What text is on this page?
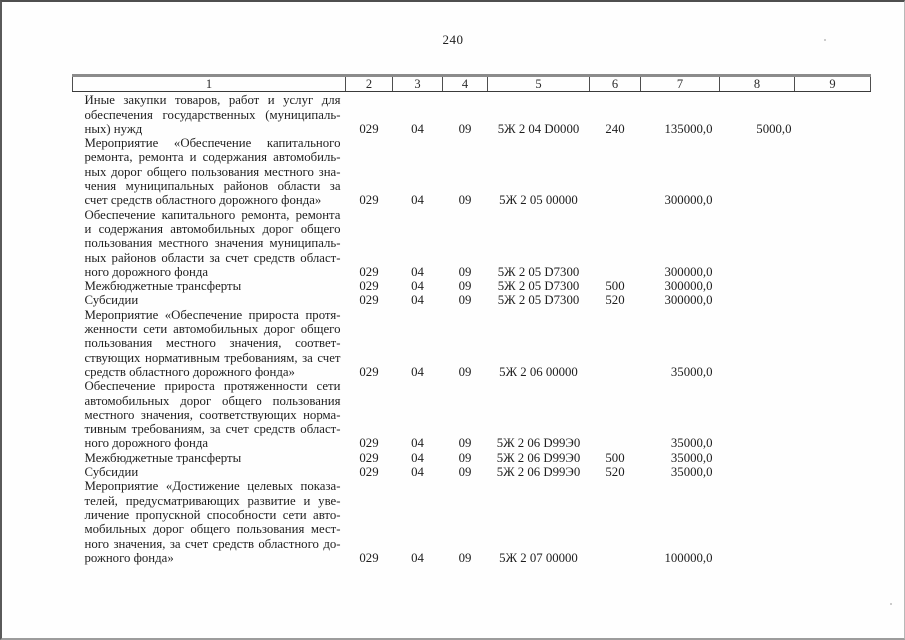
240
1	2	3	4	5	6	7	8	9

Иные закупки товаров, работ и услуг для
обеспечения государственных (муниципаль-
ных) нужд	029	04	09	5Ж 2 04 D0000	240	135000,0	5000,0	

Мероприятие «Обеспечение капитального
ремонта, ремонта и содержания автомобиль-
ных дорог общего пользования местного зна-
чения муниципальных районов области за
счет средств областного дорожного фонда»	029	04	09	5Ж 2 05 00000		300000,0		

Обеспечение капитального ремонта, ремонта
и содержания автомобильных дорог общего
пользования местного значения муниципаль-
ных районов области за счет средств област-
ного дорожного фонда	029	04	09	5Ж 2 05 D7300		300000,0		

Межбюджетные трансферты	029	04	09	5Ж 2 05 D7300	500	300000,0		

Субсидии	029	04	09	5Ж 2 05 D7300	520	300000,0		

Мероприятие «Обеспечение прироста протя-
женности сети автомобильных дорог общего
пользования местного значения, соответ-
ствующих нормативным требованиям, за счет
средств областного дорожного фонда»	029	04	09	5Ж 2 06 00000		35000,0		

Обеспечение прироста протяженности сети
автомобильных дорог общего пользования
местного значения, соответствующих норма-
тивным требованиям, за счет средств област-
ного дорожного фонда	029	04	09	5Ж 2 06 D99Э0		35000,0		

Межбюджетные трансферты	029	04	09	5Ж 2 06 D99Э0	500	35000,0		

Субсидии	029	04	09	5Ж 2 06 D99Э0	520	35000,0		

Мероприятие «Достижение целевых показа-
телей, предусматривающих развитие и уве-
личение пропускной способности сети авто-
мобильных дорог общего пользования мест-
ного значения, за счет средств областного до-
рожного фонда»	029	04	09	5Ж 2 07 00000		100000,0		
